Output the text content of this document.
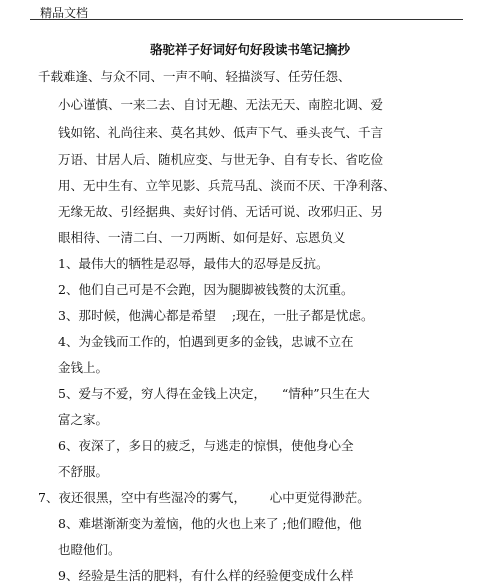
精品文档
骆驼祥子好词好句好段读书笔记摘抄
千载难逢、与众不同、一声不响、轻描淡写、任劳任怨、
小心谨慎、一来二去、自讨无趣、无法无天、南腔北调、爱
钱如铭、礼尚往来、莫名其妙、低声下气、垂头丧气、千言
万语、甘居人后、随机应变、与世无争、自有专长、省吃俭
用、无中生有、立竿见影、兵荒马乱、淡而不厌、干净利落、
无缘无故、引经据典、卖好讨俏、无话可说、改邪归正、另
眼相待、一清二白、一刀两断、如何是好、忘恩负义
1、最伟大的牺牲是忍辱，最伟大的忍辱是反抗。
2、他们自己可是不会跑，因为腿脚被钱赘的太沉重。
3、那时候，他满心都是希望    ;现在，一肚子都是忧虑。
4、为金钱而工作的，怕遇到更多的金钱，忠诚不立在
金钱上。
5、爱与不爱，穷人得在金钱上决定，    “情种”只生在大
富之家。
6、夜深了，多日的疲乏，与逃走的惊惧，使他身心全
不舒服。
7、夜还很黑，空中有些湿冷的雾气，      心中更觉得渺茫。
8、难堪渐渐变为羞恼，他的火也上来了 ;他们瞪他，他
也瞪他们。
9、经验是生活的肥料，有什么样的经验便变成什么样
